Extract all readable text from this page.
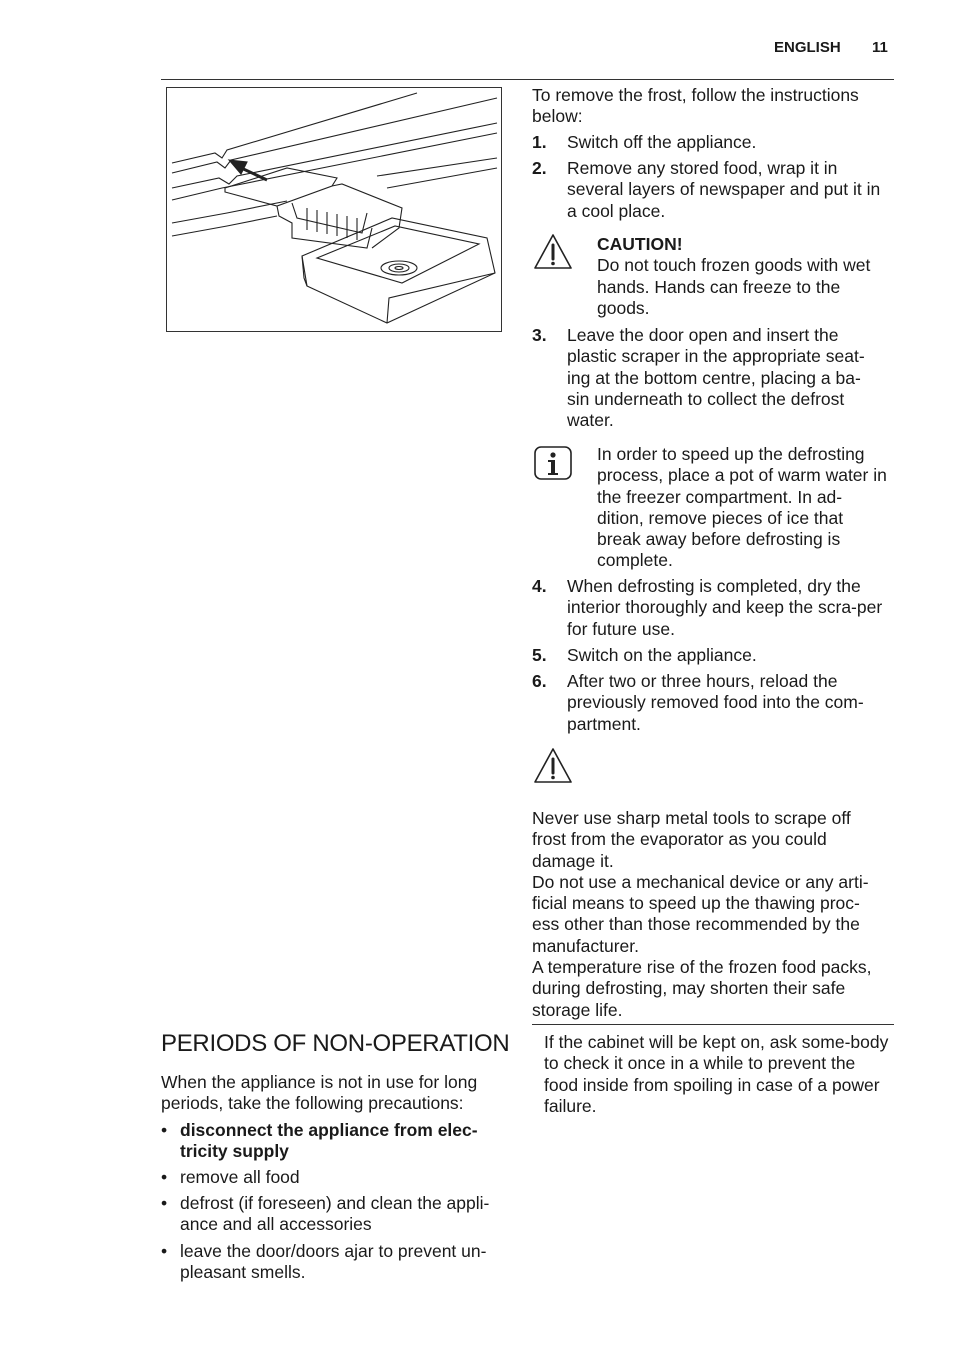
ENGLISH 11

To remove the frost, follow the instructions below:

1. Switch off the appliance.
2. Remove any stored food, wrap it in several layers of newspaper and put it in a cool place.
CAUTION!
Do not touch frozen goods with wet hands. Hands can freeze to the goods.
3. Leave the door open and insert the plastic scraper in the appropriate seat-ing at the bottom centre, placing a ba-sin underneath to collect the defrost water.
In order to speed up the defrosting process, place a pot of warm water in the freezer compartment. In ad-dition, remove pieces of ice that break away before defrosting is complete.
4. When defrosting is completed, dry the interior thoroughly and keep the scra-per for future use.
5. Switch on the appliance.
6. After two or three hours, reload the previously removed food into the com-partment.

Never use sharp metal tools to scrape off frost from the evaporator as you could damage it.

Do not use a mechanical device or any arti-ficial means to speed up the thawing proc-ess other than those recommended by the manufacturer.

A temperature rise of the frozen food packs, during defrosting, may shorten their safe storage life.

PERIODS OF NON-OPERATION

When the appliance is not in use for long periods, take the following precautions:

• disconnect the appliance from elec-tricity supply
• remove all food
• defrost (if foreseen) and clean the appli-ance and all accessories
• leave the door/doors ajar to prevent un-pleasant smells.

If the cabinet will be kept on, ask some-body to check it once in a while to prevent the food inside from spoiling in case of a power failure.
